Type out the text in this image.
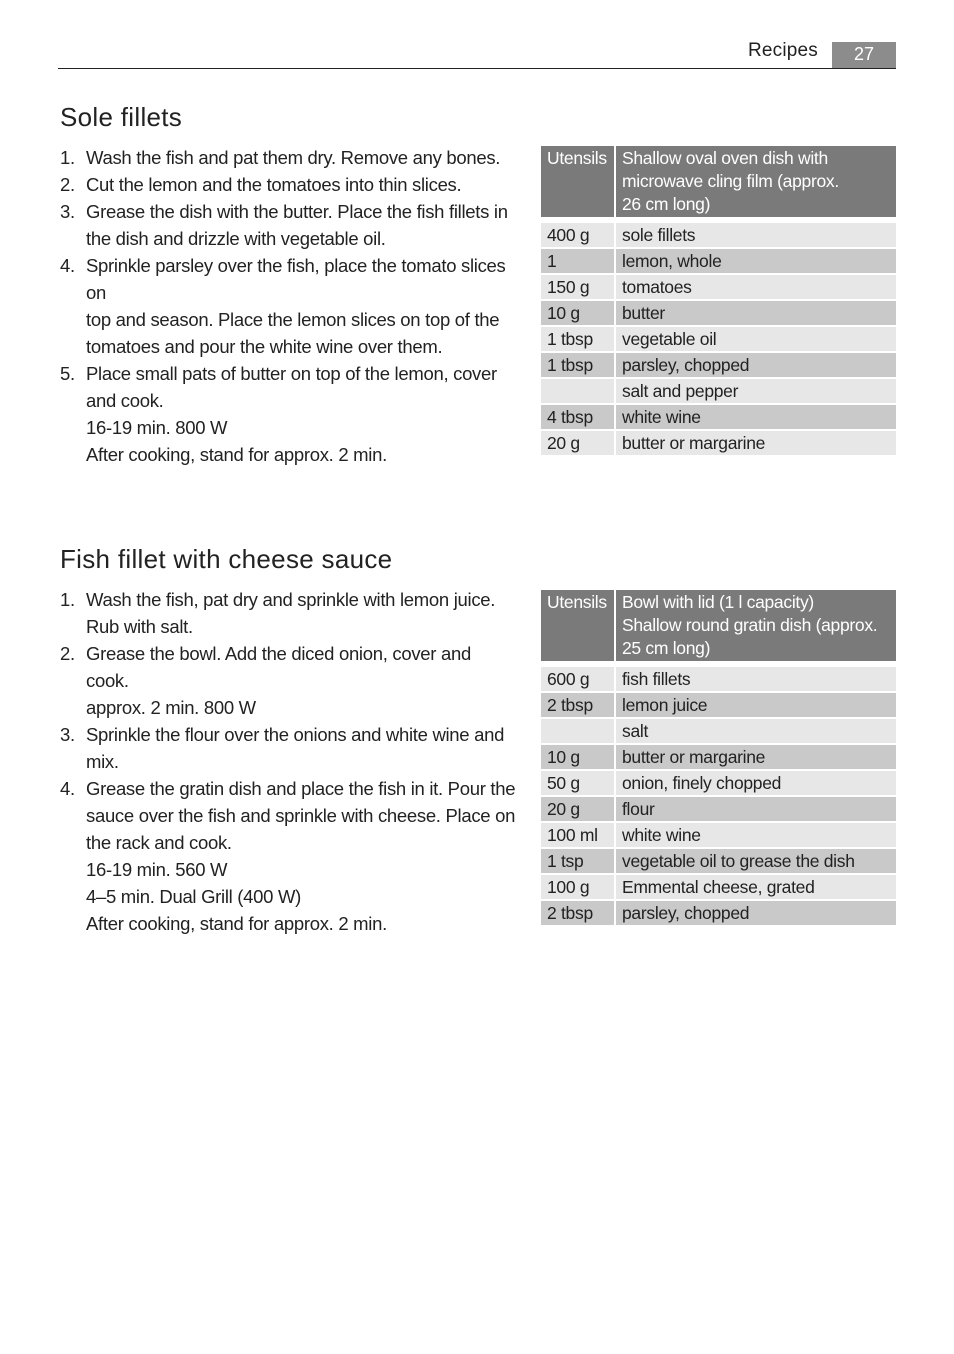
Recipes	27
Sole fillets
1. Wash the fish and pat them dry. Remove any bones.
2. Cut the lemon and the tomatoes into thin slices.
3. Grease the dish with the butter. Place the fish fillets in
the dish and drizzle with vegetable oil.
4. Sprinkle parsley over the fish, place the tomato slices on
top and season. Place the lemon slices on top of the
tomatoes and pour the white wine over them.
5. Place small pats of butter on top of the lemon, cover
and cook.
16-19 min. 800 W
After cooking, stand for approx. 2 min.
Utensils	Shallow oval oven dish with
microwave cling film (approx.
26 cm long)

400 g	sole fillets
1	lemon, whole
150 g	tomatoes
10 g	butter
1 tbsp	vegetable oil
1 tbsp	parsley, chopped
	salt and pepper
4 tbsp	white wine
20 g	butter or margarine
Fish fillet with cheese sauce
1. Wash the fish, pat dry and sprinkle with lemon juice.
Rub with salt.
2. Grease the bowl. Add the diced onion, cover and cook.
approx. 2 min. 800 W
3. Sprinkle the flour over the onions and white wine and
mix.
4. Grease the gratin dish and place the fish in it. Pour the
sauce over the fish and sprinkle with cheese. Place on
the rack and cook.
16-19 min. 560 W
4–5 min. Dual Grill (400 W)
After cooking, stand for approx. 2 min.
Utensils	Bowl with lid (1 l capacity)
Shallow round gratin dish (approx.
25 cm long)

600 g	fish fillets
2 tbsp	lemon juice
	salt
10 g	butter or margarine
50 g	onion, finely chopped
20 g	flour
100 ml	white wine
1 tsp	vegetable oil to grease the dish
100 g	Emmental cheese, grated
2 tbsp	parsley, chopped
